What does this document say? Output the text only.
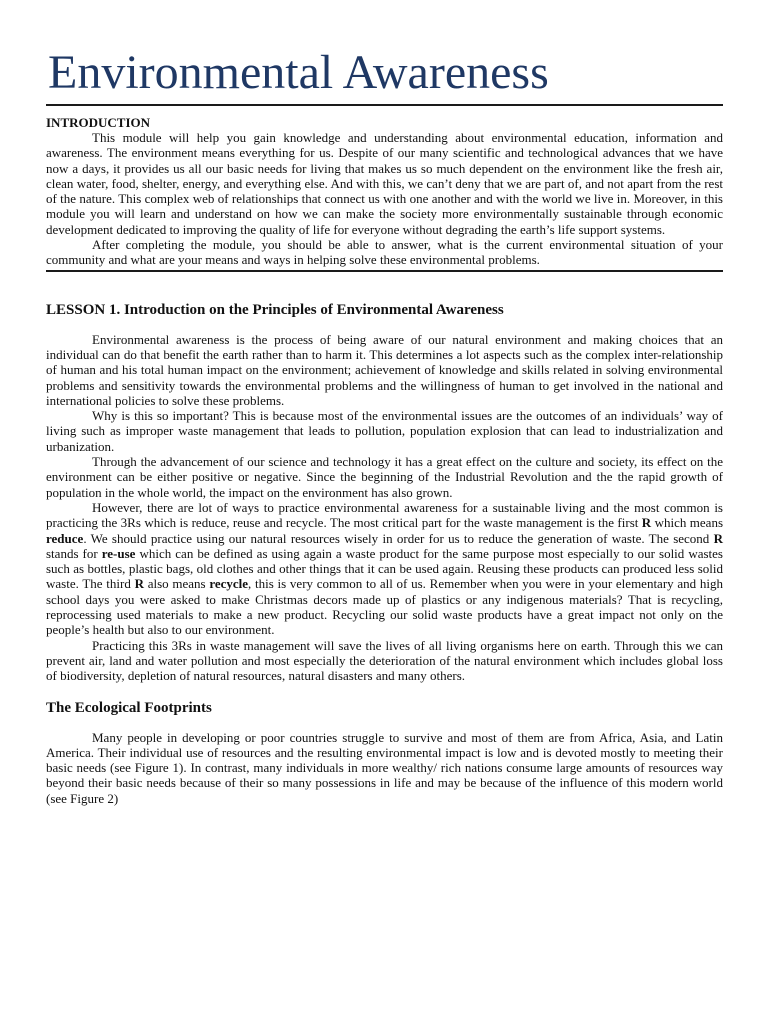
Environmental Awareness
INTRODUCTION

This module will help you gain knowledge and understanding about environmental education, information and awareness. The environment means everything for us. Despite of our many scientific and technological advances that we have now a days, it provides us all our basic needs for living that makes us so much dependent on the environment like the fresh air, clean water, food, shelter, energy, and everything else. And with this, we can’t deny that we are part of, and not apart from the rest of the nature. This complex web of relationships that connect us with one another and with the world we live in. Moreover, in this module you will learn and understand on how we can make the society more environmentally sustainable through economic development dedicated to improving the quality of life for everyone without degrading the earth’s life support systems.

After completing the module, you should be able to answer, what is the current environmental situation of your community and what are your means and ways in helping solve these environmental problems.

LESSON 1. Introduction on the Principles of Environmental Awareness

Environmental awareness is the process of being aware of our natural environment and making choices that an individual can do that benefit the earth rather than to harm it. This determines a lot aspects such as the complex inter-relationship of human and his total human impact on the environment; achievement of knowledge and skills related in solving environmental problems and sensitivity towards the environmental problems and the willingness of human to get involved in the national and international policies to solve these problems.

Why is this so important? This is because most of the environmental issues are the outcomes of an individuals’ way of living such as improper waste management that leads to pollution, population explosion that can lead to industrialization and urbanization.

Through the advancement of our science and technology it has a great effect on the culture and society, its effect on the environment can be either positive or negative. Since the beginning of the Industrial Revolution and the the rapid growth of population in the whole world, the impact on the environment has also grown.

However, there are lot of ways to practice environmental awareness for a sustainable living and the most common is practicing the 3Rs which is reduce, reuse and recycle. The most critical part for the waste management is the first R which means reduce. We should practice using our natural resources wisely in order for us to reduce the generation of waste. The second R stands for re-use which can be defined as using again a waste product for the same purpose most especially to our solid wastes such as bottles, plastic bags, old clothes and other things that it can be used again. Reusing these products can produced less solid waste. The third R also means recycle, this is very common to all of us. Remember when you were in your elementary and high school days you were asked to make Christmas decors made up of plastics or any indigenous materials? That is recycling, reprocessing used materials to make a new product. Recycling our solid waste products have a great impact not only on the people’s health but also to our environment.

Practicing this 3Rs in waste management will save the lives of all living organisms here on earth. Through this we can prevent air, land and water pollution and most especially the deterioration of the natural environment which includes global loss of biodiversity, depletion of natural resources, natural disasters and many others.

The Ecological Footprints

Many people in developing or poor countries struggle to survive and most of them are from Africa, Asia, and Latin America. Their individual use of resources and the resulting environmental impact is low and is devoted mostly to meeting their basic needs (see Figure 1). In contrast, many individuals in more wealthy/ rich nations consume large amounts of resources way beyond their basic needs because of their so many possessions in life and may be because of the influence of this modern world (see Figure 2)
